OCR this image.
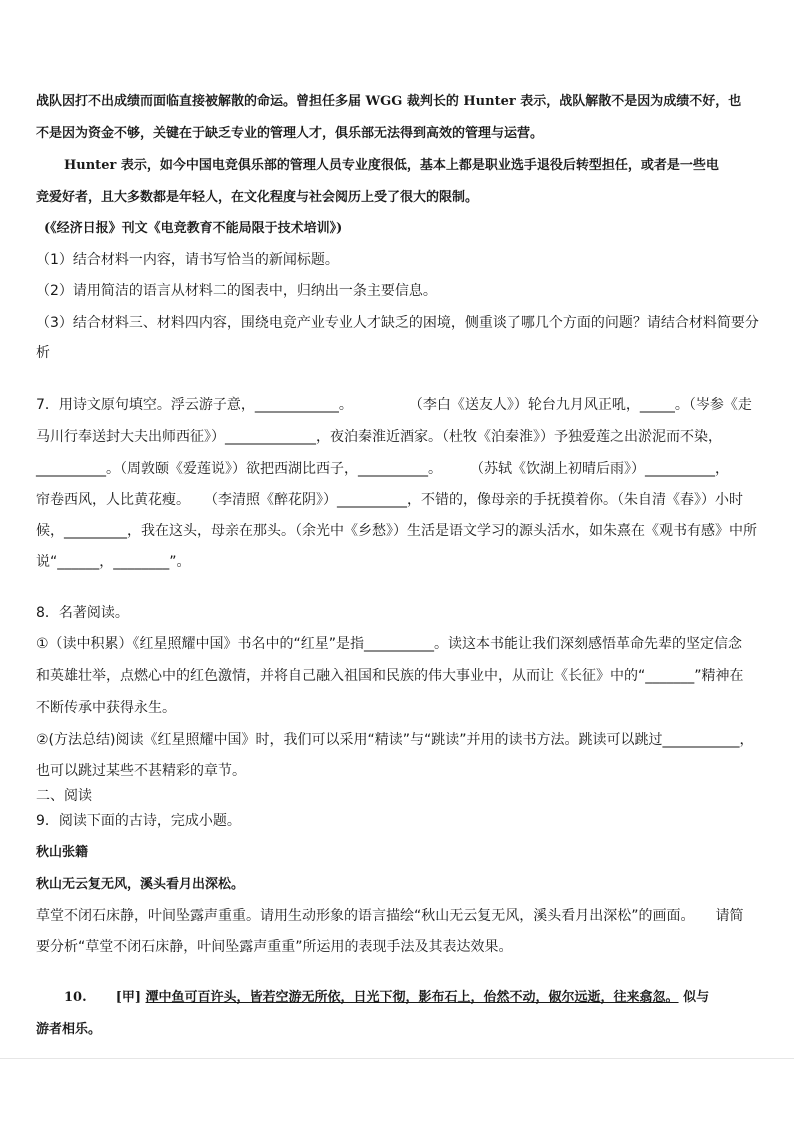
战队因打不出成绩而面临直接被解散的命运。曾担任多届 WGG 裁判长的 Hunter 表示，战队解散不是因为成绩不好，也
不是因为资金不够，关键在于缺乏专业的管理人才，俱乐部无法得到高效的管理与运营。
Hunter 表示，如今中国电竞俱乐部的管理人员专业度很低，基本上都是职业选手退役后转型担任，或者是一些电
竞爱好者，且大多数都是年轻人，在文化程度与社会阅历上受了很大的限制。
(《经济日报》刊文《电竞教育不能局限于技术培训》)
（1）结合材料一内容，请书写恰当的新闻标题。
（2）请用简洁的语言从材料二的图表中，归纳出一条主要信息。
（3）结合材料三、材料四内容，围绕电竞产业专业人才缺乏的困境，侧重谈了哪几个方面的问题？请结合材料简要分
析
7．用诗文原句填空。浮云游子意，____________。　　　　　（李白《送友人》）轮台九月风正吼，_____。（岑参《走
马川行奉送封大夫出师西征》）_____________，夜泊秦淮近酒家。（杜牧《泊秦淮》）予独爱莲之出淤泥而不染，
__________。（周敦颐《爱莲说》）欲把西湖比西子，__________。　　　（苏轼《饮湖上初晴后雨》）__________，
帘卷西风，人比黄花瘦。　　（李清照《醉花阴》）__________，不错的，像母亲的手抚摸着你。（朱自清《春》）小时
候，_________，我在这头，母亲在那头。（余光中《乡愁》）生活是语文学习的源头活水，如朱熹在《观书有感》中所
说“______，________”。
8．名著阅读。
①（读中积累）《红星照耀中国》书名中的“红星”是指__________。读这本书能让我们深刻感悟革命先辈的坚定信念
和英雄壮举，点燃心中的红色激情，并将自己融入祖国和民族的伟大事业中，从而让《长征》中的“_______”精神在
不断传承中获得永生。
②(方法总结)阅读《红星照耀中国》时，我们可以采用“精读”与“跳读”并用的读书方法。跳读可以跳过___________，
也可以跳过某些不甚精彩的章节。
二、阅读
9．阅读下面的古诗，完成小题。
秋山张籍
秋山无云复无风，溪头看月出深松。
草堂不闭石床静，叶间坠露声重重。请用生动形象的语言描绘“秋山无云复无风，溪头看月出深松”的画面。　　请简
要分析“草堂不闭石床静，叶间坠露声重重”所运用的表现手法及其表达效果。
10. [甲] 潭中鱼可百许头，皆若空游无所依，日光下彻，影布石上，佁然不动，俶尔远逝，往来翕忽。 似与
游者相乐。
